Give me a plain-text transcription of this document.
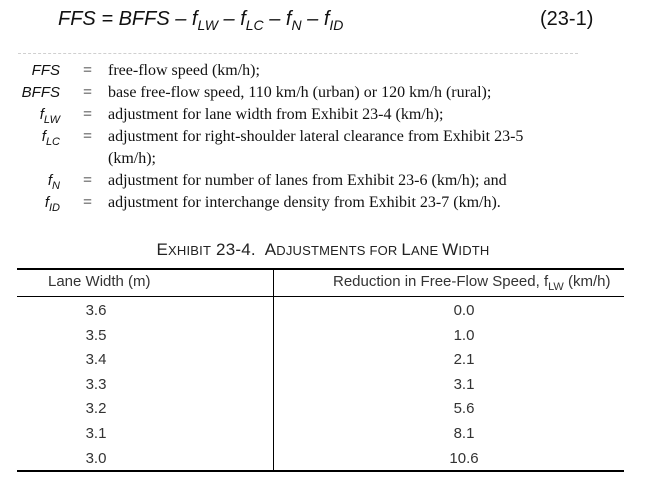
FFS = BFFS – $f_{LW} - f_{LC} - f_N - f_{ID}$	(23-1)
FFS = free-flow speed (km/h);
BFFS = base free-flow speed, 110 km/h (urban) or 120 km/h (rural);
$f_{LW}$ = adjustment for lane width from Exhibit 23-4 (km/h);
$f_{LC}$ = adjustment for right-shoulder lateral clearance from Exhibit 23-5
(km/h);
$f_N$ = adjustment for number of lanes from Exhibit 23-6 (km/h); and
$f_{ID}$ = adjustment for interchange density from Exhibit 23-7 (km/h).
EXHIBIT 23-4.  ADJUSTMENTS FOR LANE WIDTH
Lane Width (m)	Reduction in Free-Flow Speed, $f_{LW}$ (km/h)
3.6	0.0
3.5	1.0
3.4	2.1
3.3	3.1
3.2	5.6
3.1	8.1
3.0	10.6
